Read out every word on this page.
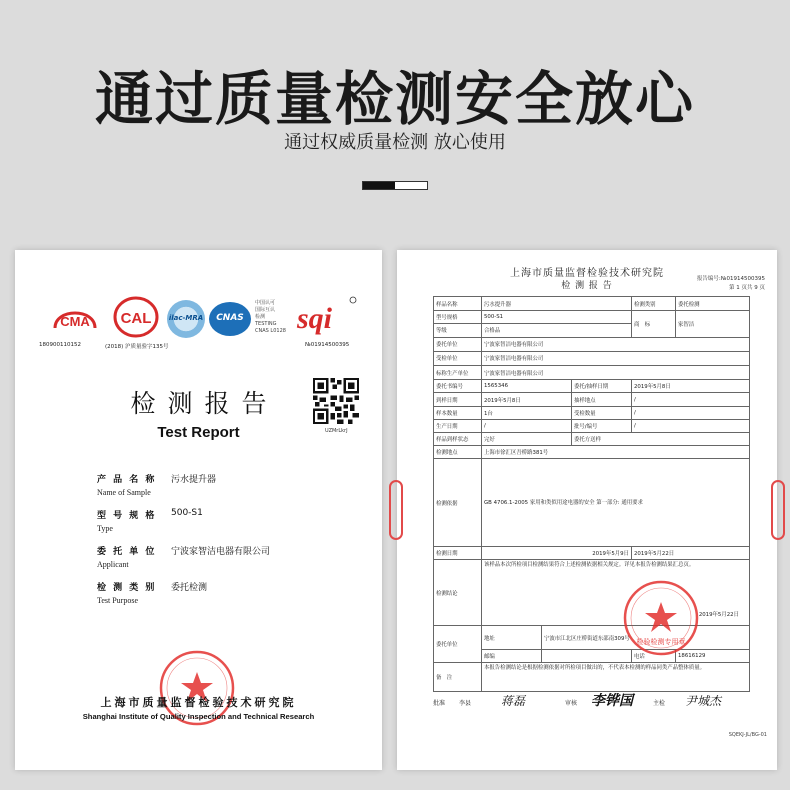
通过质量检测安全放心
通过权威质量检测 放心使用
CMA
180900110152
CAL
(2018) 沪质量验字135号
ilac-MRA	CNAS
中国认可
国际互认
检测
TESTING
CNAS L0128 sqi
№01914500395
检测报告
Test Report	UZMrLkrJ
产 品 名 称
Name of Sample
污水提升器
型 号 规 格
Type
500-S1
委 托 单 位
Applicant
宁波家智洁电器有限公司
检 测 类 别
Test Purpose
委托检测
上海市质量监督检验技术研究院
Shanghai Institute of Quality Inspection and Technical Research
上海市质量监督检验技术研究院
检 测 报 告
报告编号:№01914500395
第 1 页共 9 页
样品名称	污水提升器			检测类别	委托检测
型号规格	500-S1			商　标	家智洁
等级	合格品				
委托单位	宁波家智洁电器有限公司				
受检单位	宁波家智洁电器有限公司				
标称生产单位	宁波家智洁电器有限公司				
委托书编号	1565346		委托/抽样日期	2019年5月8日	
到样日期	2019年5月8日		抽样地点	/	
样本数量	1台		受检数量	/	
生产日期	/		批号/编号	/	
样品到样状态	完好		委托方送样		
检测地点	上海市徐汇区吾桥路381号				
检测依据	GB 4706.1-2005 家用和类似用途电器的安全 第一部分: 通用要求				
检测日期	2019年5月9日			2019年5月22日	
检测结论	该样品本次所检项目检测结果符合上述检测依据相关规定。详见本报告检测结果汇总页。
2019年5月22日				

委托单位	地址	宁波市江北区庄桥街道东邵南309号			
	邮编			电话	18616129
备　注	本报告检测结论是根据检测依据对所检项目做出的，不代表本检测的样品同类产品整体质量。				
检验检测专用章
批准 李县 蒋磊	审核 李铧国	主检 尹城杰
SQEKJ-JL/BG-01
